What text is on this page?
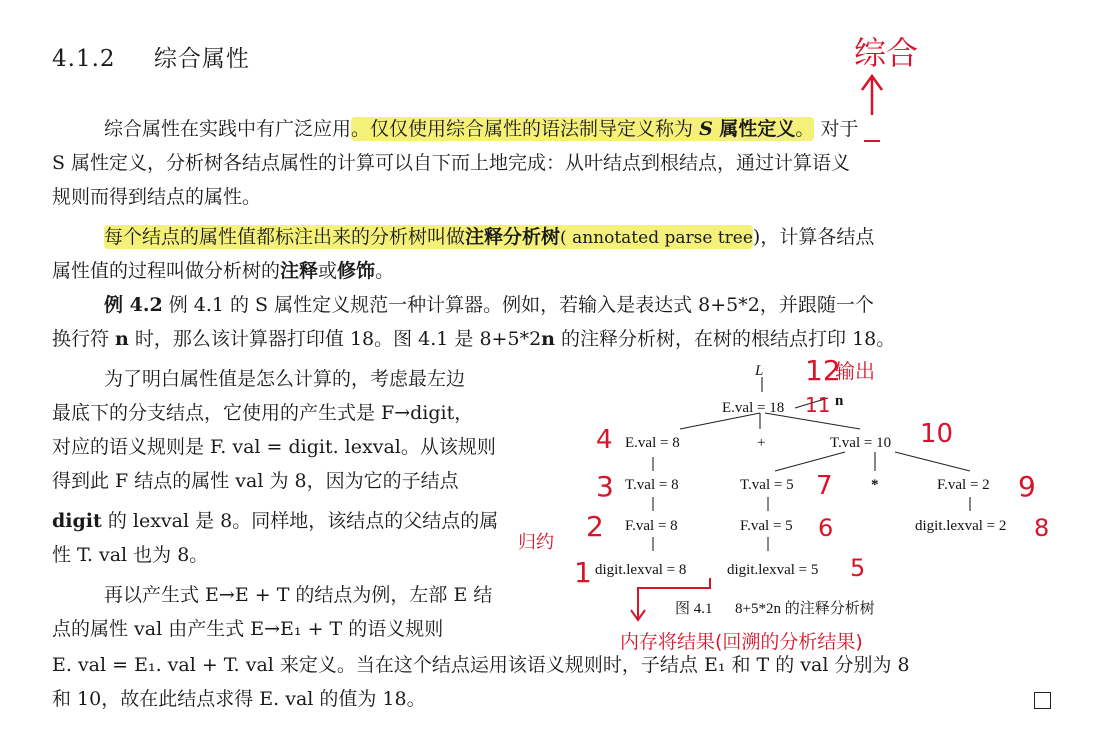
4.1.2 综合属性
综合属性在实践中有广泛应用。仅仅使用综合属性的语法制导定义称为 S 属性定义。 对于
S 属性定义，分析树各结点属性的计算可以自下而上地完成：从叶结点到根结点，通过计算语义
规则而得到结点的属性。
每个结点的属性值都标注出来的分析树叫做注释分析树( annotated parse tree)，计算各结点
属性值的过程叫做分析树的注释或修饰。
例 4.2 例 4.1 的 S 属性定义规范一种计算器。例如，若输入是表达式 8+5*2，并跟随一个
换行符 n 时，那么该计算器打印值 18。图 4.1 是 8+5*2n 的注释分析树，在树的根结点打印 18。
为了明白属性值是怎么计算的，考虑最左边
最底下的分支结点，它使用的产生式是 F→digit，
对应的语义规则是 F. val = digit. lexval。从该规则
得到此 F 结点的属性 val 为 8，因为它的子结点
digit 的 lexval 是 8。同样地，该结点的父结点的属
性 T. val 也为 8。
再以产生式 E→E + T 的结点为例，左部 E 结
点的属性 val 由产生式 E→E₁ + T 的语义规则
E. val = E₁. val + T. val 来定义。当在这个结点运用该语义规则时，子结点 E₁ 和 T 的 val 分别为 8
和 10，故在此结点求得 E. val 的值为 18。
综合
L
E.val = 18	n
E.val = 8	+	T.val = 10
T.val = 8	T.val = 5	*	F.val = 2
F.val = 8	F.val = 5	digit.lexval = 2
digit.lexval = 8	digit.lexval = 5
图 4.1 8+5*2n 的注释分析树
12
输出
11
4	10
3	7	9
2	6	8
归约
1	5
内存将结果(回溯的分析结果)
